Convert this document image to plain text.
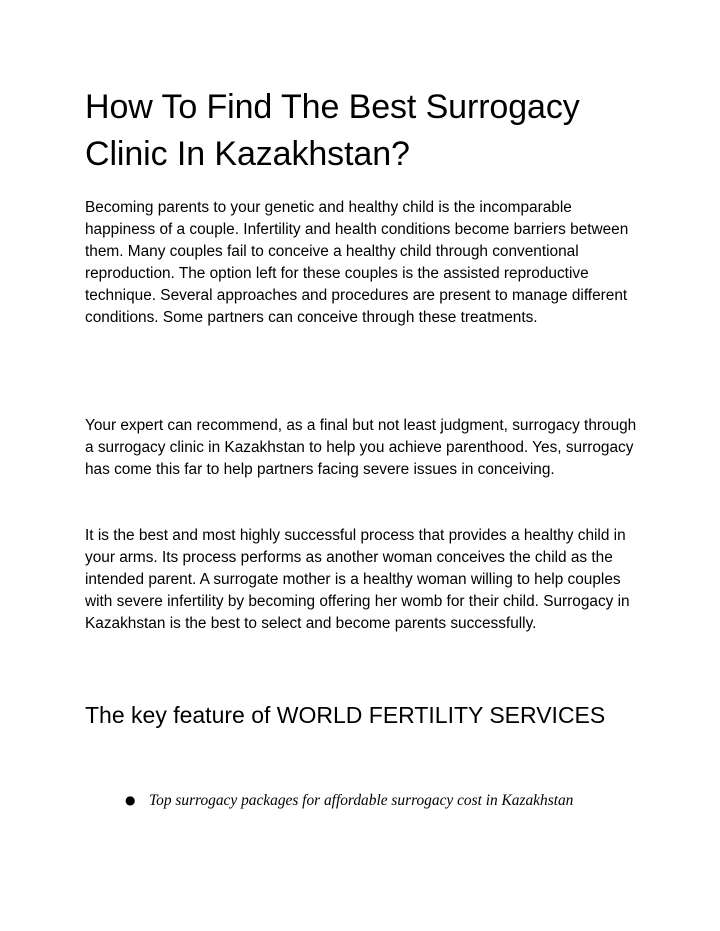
How To Find The Best Surrogacy Clinic In Kazakhstan?

Becoming parents to your genetic and healthy child is the incomparable happiness of a couple. Infertility and health conditions become barriers between them. Many couples fail to conceive a healthy child through conventional reproduction. The option left for these couples is the assisted reproductive technique. Several approaches and procedures are present to manage different conditions. Some partners can conceive through these treatments.

Your expert can recommend, as a final but not least judgment, surrogacy through a surrogacy clinic in Kazakhstan to help you achieve parenthood. Yes, surrogacy has come this far to help partners facing severe issues in conceiving.

It is the best and most highly successful process that provides a healthy child in your arms. Its process performs as another woman conceives the child as the intended parent. A surrogate mother is a healthy woman willing to help couples with severe infertility by becoming offering her womb for their child. Surrogacy in Kazakhstan is the best to select and become parents successfully.

The key feature of WORLD FERTILITY SERVICES
● Top surrogacy packages for affordable surrogacy cost in Kazakhstan
